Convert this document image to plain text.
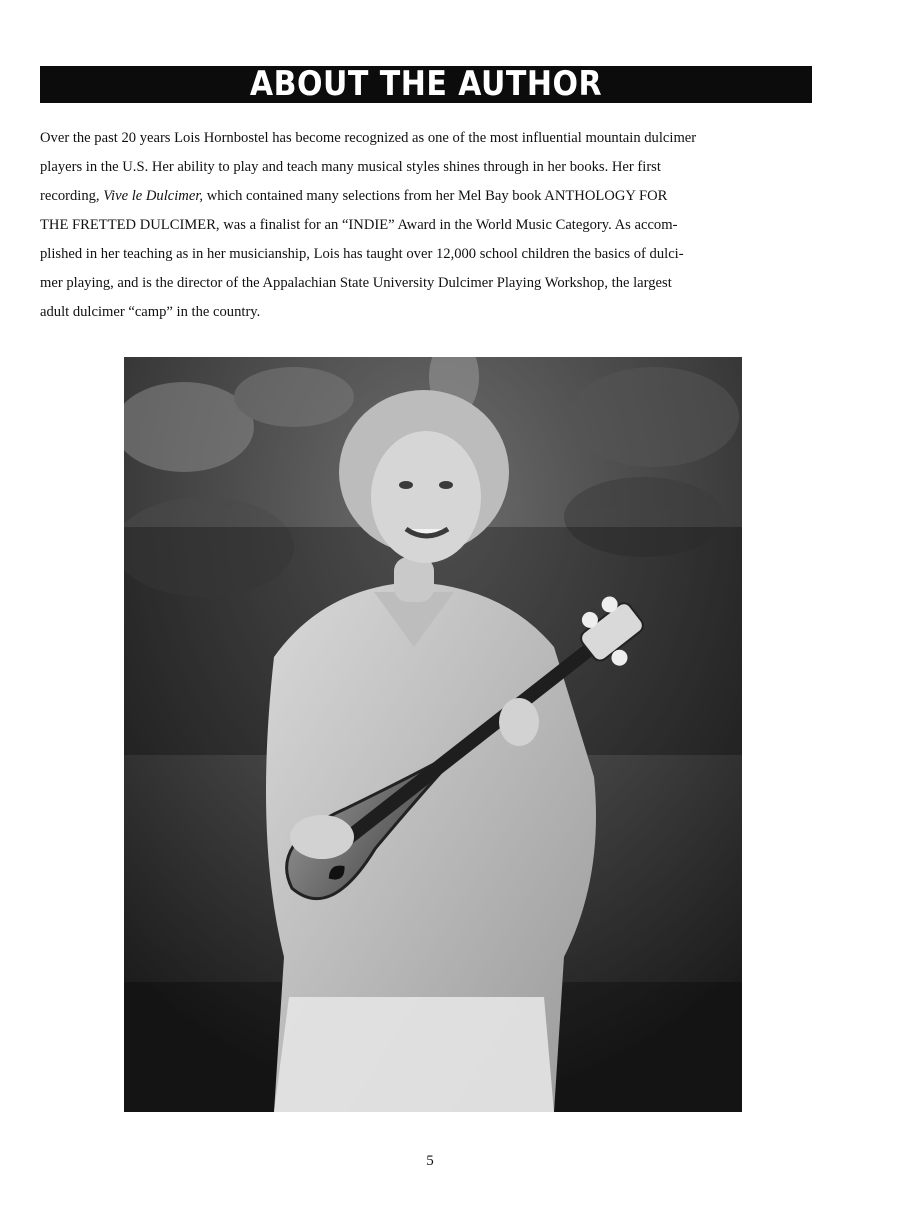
ABOUT THE AUTHOR

Over the past 20 years Lois Hornbostel has become recognized as one of the most influential mountain dulcimer
players in the U.S. Her ability to play and teach many musical styles shines through in her books. Her first
recording, Vive le Dulcimer, which contained many selections from her Mel Bay book ANTHOLOGY FOR
THE FRETTED DULCIMER, was a finalist for an “INDIE” Award in the World Music Category. As accom-
plished in her teaching as in her musicianship, Lois has taught over 12,000 school children the basics of dulci-
mer playing, and is the director of the Appalachian State University Dulcimer Playing Workshop, the largest
adult dulcimer “camp” in the country.

5
